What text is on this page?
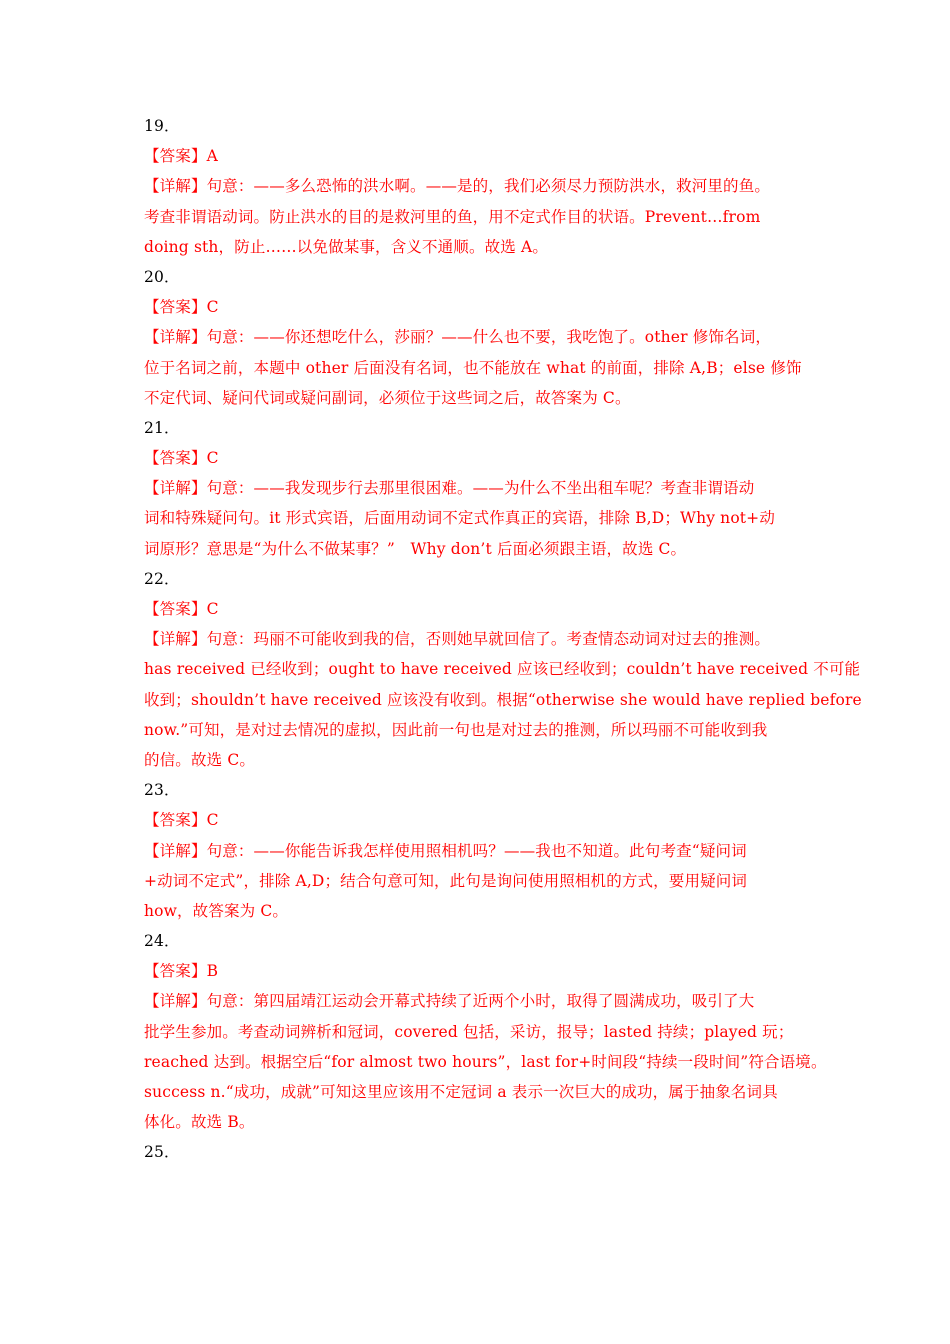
19．
【答案】A
【详解】句意：——多么恐怖的洪水啊。——是的，我们必须尽力预防洪水，救河里的鱼。
考查非谓语动词。防止洪水的目的是救河里的鱼，用不定式作目的状语。Prevent…from
doing sth，防止……以免做某事，含义不通顺。故选 A。
20．
【答案】C
【详解】句意：——你还想吃什么，莎丽？——什么也不要，我吃饱了。other 修饰名词，
位于名词之前，本题中 other 后面没有名词，也不能放在 what 的前面，排除 A,B；else 修饰
不定代词、疑问代词或疑问副词，必须位于这些词之后，故答案为 C。
21．
【答案】C
【详解】句意：——我发现步行去那里很困难。——为什么不坐出租车呢？考查非谓语动
词和特殊疑问句。it 形式宾语，后面用动词不定式作真正的宾语，排除 B,D；Why not+动
词原形？意思是“为什么不做某事？”　Why don’t 后面必须跟主语，故选 C。
22．
【答案】C
【详解】句意：玛丽不可能收到我的信，否则她早就回信了。考查情态动词对过去的推测。
has received 已经收到；ought to have received 应该已经收到；couldn’t have received 不可能
收到；shouldn’t have received 应该没有收到。根据“otherwise she would have replied before
now.”可知，是对过去情况的虚拟，因此前一句也是对过去的推测，所以玛丽不可能收到我
的信。故选 C。
23．
【答案】C
【详解】句意：——你能告诉我怎样使用照相机吗？——我也不知道。此句考查“疑问词
+动词不定式”，排除 A,D；结合句意可知，此句是询问使用照相机的方式，要用疑问词
how，故答案为 C。
24．
【答案】B
【详解】句意：第四届靖江运动会开幕式持续了近两个小时，取得了圆满成功，吸引了大
批学生参加。考查动词辨析和冠词，covered 包括，采访，报导；lasted 持续；played 玩；
reached 达到。根据空后“for almost two hours”，last for+时间段“持续一段时间”符合语境。
success n.“成功，成就”可知这里应该用不定冠词 a 表示一次巨大的成功，属于抽象名词具
体化。故选 B。
25．
